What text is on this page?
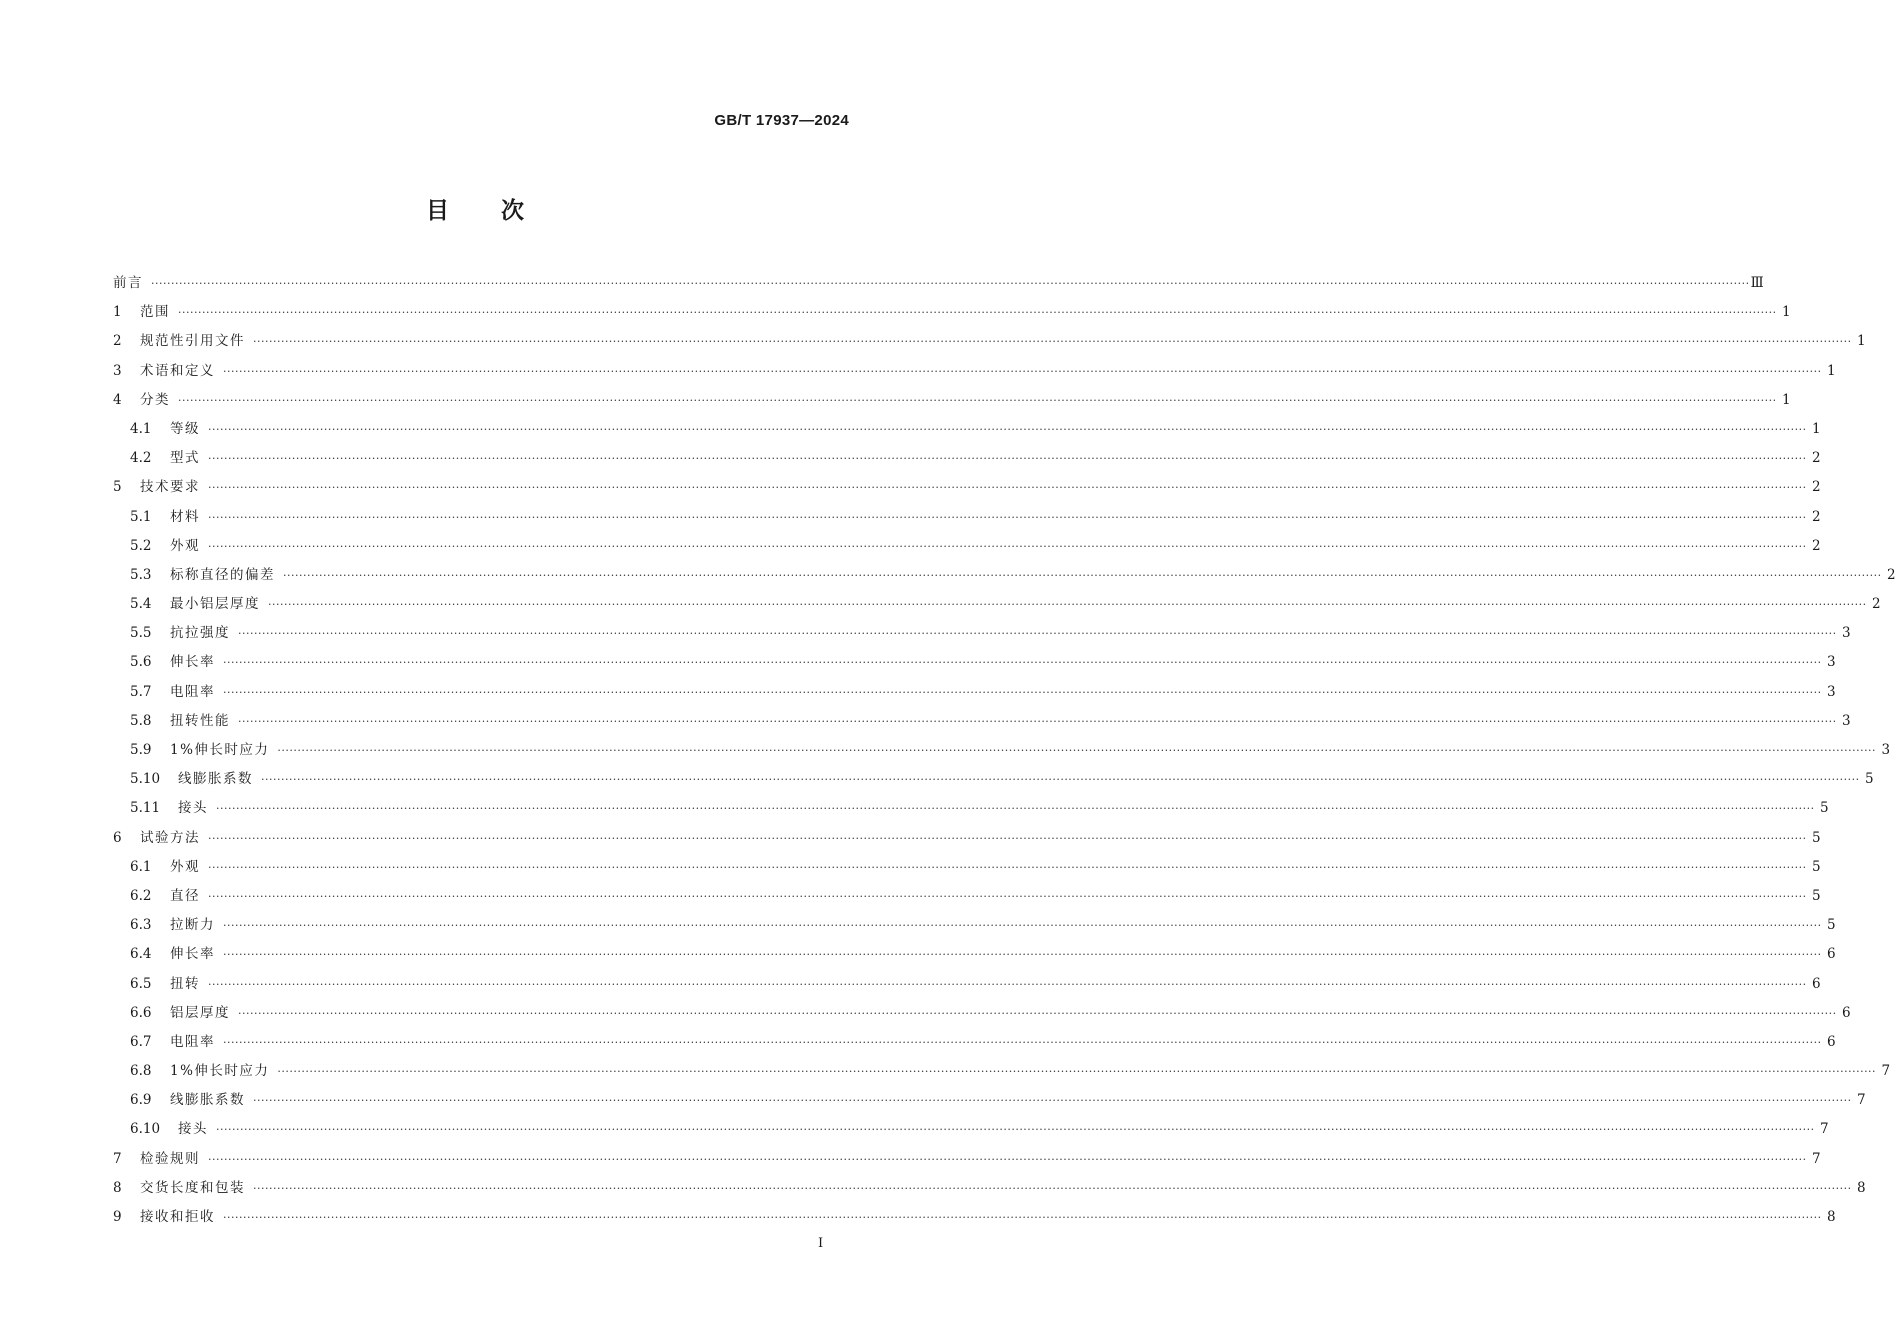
GB/T 17937—2024
目 次
前言 ················································································································································································································································································································································································································ Ⅲ
1	范围 ················································································································································································································································································································································································································ 1
2	规范性引用文件 ················································································································································································································································································································································································································ 1
3	术语和定义 ················································································································································································································································································································································································································ 1
4	分类 ················································································································································································································································································································································································································ 1
4.1	等级 ················································································································································································································································································································································································································ 1
4.2	型式 ················································································································································································································································································································································································································ 2
5	技术要求 ················································································································································································································································································································································································································ 2
5.1	材料 ················································································································································································································································································································································································································ 2
5.2	外观 ················································································································································································································································································································································································································ 2
5.3	标称直径的偏差 ················································································································································································································································································································································································································ 2
5.4	最小铝层厚度 ················································································································································································································································································································································································································ 2
5.5	抗拉强度 ················································································································································································································································································································································································································ 3
5.6	伸长率 ················································································································································································································································································································································································································ 3
5.7	电阻率 ················································································································································································································································································································································································································ 3
5.8	扭转性能 ················································································································································································································································································································································································································ 3
5.9	1%伸长时应力 ················································································································································································································································································································································································································ 3
5.10	线膨胀系数 ················································································································································································································································································································································································································ 5
5.11	接头 ················································································································································································································································································································································································································ 5
6	试验方法 ················································································································································································································································································································································································································ 5
6.1	外观 ················································································································································································································································································································································································································ 5
6.2	直径 ················································································································································································································································································································································································································ 5
6.3	拉断力 ················································································································································································································································································································································································································ 5
6.4	伸长率 ················································································································································································································································································································································································································ 6
6.5	扭转 ················································································································································································································································································································································································································ 6
6.6	铝层厚度 ················································································································································································································································································································································································································ 6
6.7	电阻率 ················································································································································································································································································································································································································ 6
6.8	1%伸长时应力 ················································································································································································································································································································································································································ 7
6.9	线膨胀系数 ················································································································································································································································································································································································································ 7
6.10	接头 ················································································································································································································································································································································································································ 7
7	检验规则 ················································································································································································································································································································································································································ 7
8	交货长度和包装 ················································································································································································································································································································································································································ 8
9	接收和拒收 ················································································································································································································································································································································································································ 8
I
